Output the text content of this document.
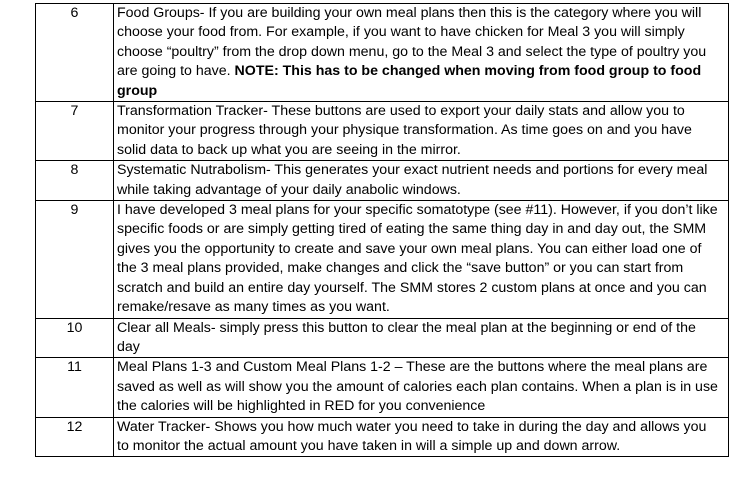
6	Food Groups- If you are building your own meal plans then this is the category where you will choose your food from. For example, if you want to have chicken for Meal 3 you will simply choose “poultry” from the drop down menu, go to the Meal 3 and select the type of poultry you are going to have. NOTE: This has to be changed when moving from food group to food group
7	Transformation Tracker- These buttons are used to export your daily stats and allow you to monitor your progress through your physique transformation. As time goes on and you have solid data to back up what you are seeing in the mirror.
8	Systematic Nutrabolism- This generates your exact nutrient needs and portions for every meal while taking advantage of your daily anabolic windows.
9	I have developed 3 meal plans for your specific somatotype (see #11). However, if you don’t like specific foods or are simply getting tired of eating the same thing day in and day out, the SMM gives you the opportunity to create and save your own meal plans. You can either load one of the 3 meal plans provided, make changes and click the “save button” or you can start from scratch and build an entire day yourself. The SMM stores 2 custom plans at once and you can remake/resave as many times as you want.
10	Clear all Meals- simply press this button to clear the meal plan at the beginning or end of the day
11	Meal Plans 1-3 and Custom Meal Plans 1-2 – These are the buttons where the meal plans are saved as well as will show you the amount of calories each plan contains. When a plan is in use the calories will be highlighted in RED for you convenience
12	Water Tracker- Shows you how much water you need to take in during the day and allows you to monitor the actual amount you have taken in will a simple up and down arrow.
